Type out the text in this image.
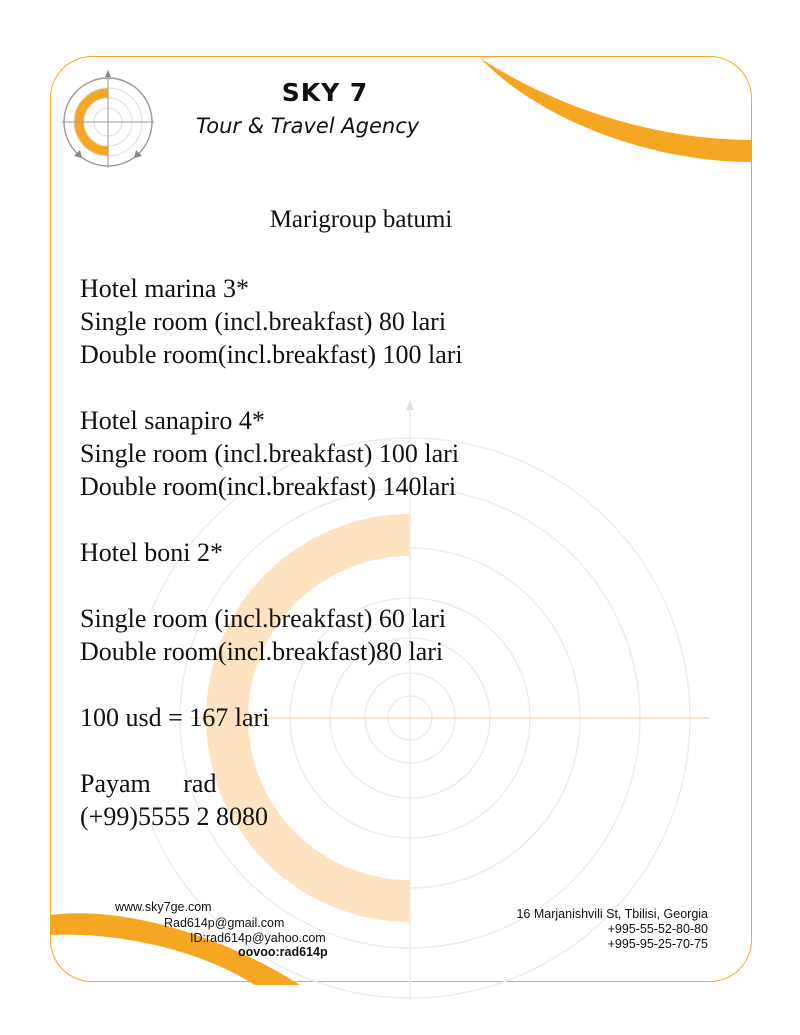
SKY 7
Tour & Travel Agency
Marigroup batumi
Hotel marina 3*
Single room (incl.breakfast) 80 lari
Double room(incl.breakfast) 100 lari
Hotel sanapiro 4*
Single room (incl.breakfast) 100 lari
Double room(incl.breakfast) 140lari
Hotel boni 2*
Single room (incl.breakfast) 60 lari
Double room(incl.breakfast)80 lari
100 usd = 167 lari
Payam     rad
(+99)5555 2 8080
www.sky7ge.com
Rad614p@gmail.com
ID:rad614p@yahoo.com
oovoo:rad614p
16 Marjanishvili St, Tbilisi, Georgia
+995-55-52-80-80
+995-95-25-70-75
